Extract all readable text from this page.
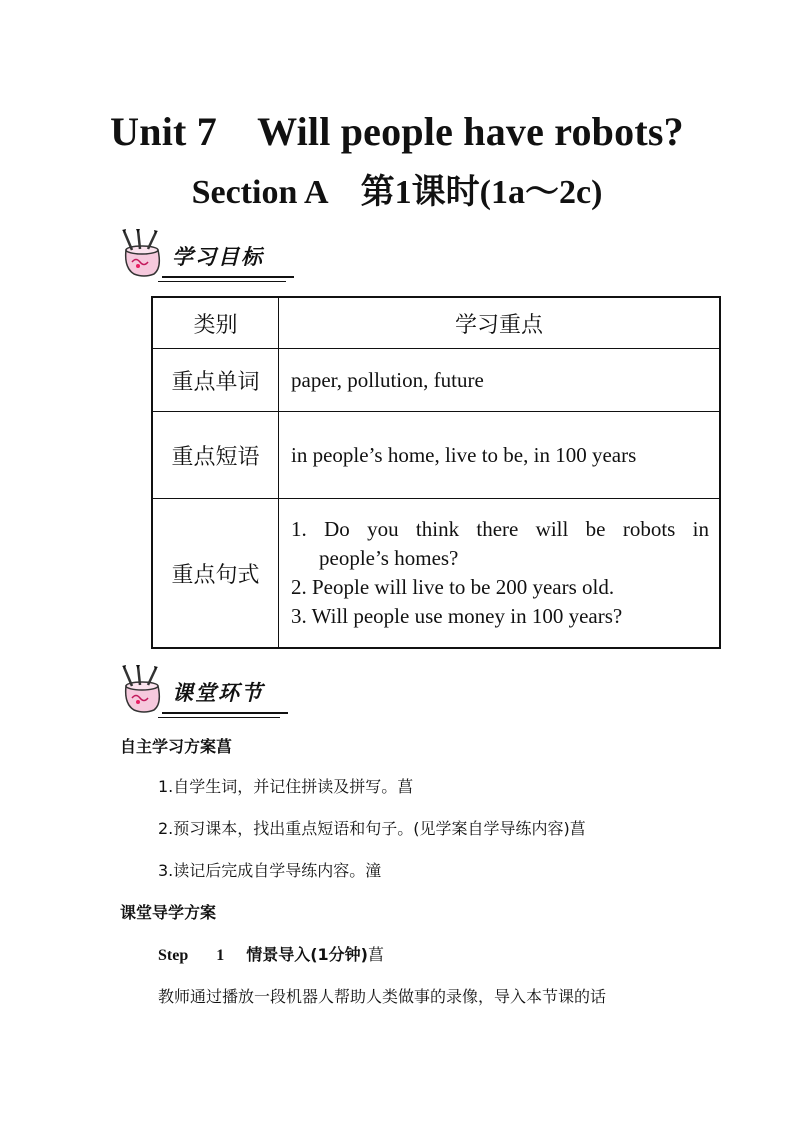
Unit 7　Will people have robots?
Section A　第1课时(1a～2c)
学习目标
类别	学习重点
重点单词	paper, pollution, future
重点短语	in people’s home, live to be, in 100 years
重点句式	1. Do you think there will be robots in
people’s homes?
2. People will live to be 200 years old.
3. Will people use money in 100 years?
课堂环节
自主学习方案菖
1.自学生词，并记住拼读及拼写。菖
2.预习课本，找出重点短语和句子。(见学案自学导练内容)菖
3.读记后完成自学导练内容。潼
课堂导学方案
Step 1 情景导入(1分钟)菖
教师通过播放一段机器人帮助人类做事的录像，导入本节课的话
